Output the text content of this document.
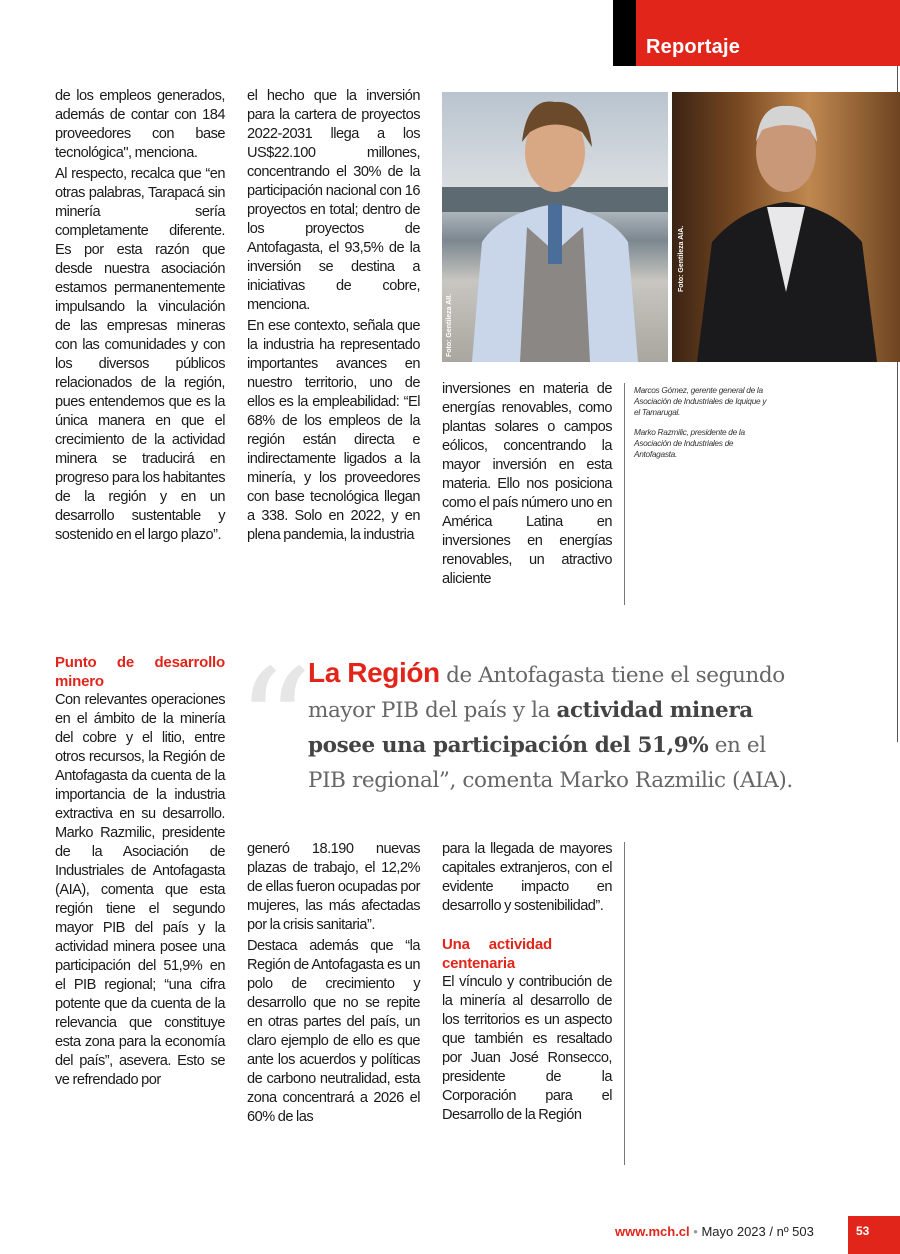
Reportaje

de los empleos generados, además de contar con 184 proveedores con base tecnológica", menciona.

Al respecto, recalca que “en otras palabras, Tarapacá sin minería sería completamente diferente. Es por esta razón que desde nuestra asociación estamos permanentemente impulsando la vinculación de las empresas mineras con las comunidades y con los diversos públicos relacionados de la región, pues entendemos que es la única manera en que el crecimiento de la actividad minera se traducirá en progreso para los habitantes de la región y en un desarrollo sustentable y sostenido en el largo plazo”.

el hecho que la inversión para la cartera de proyectos 2022-2031 llega a los US$22.100 millones, concentrando el 30% de la participación nacional con 16 proyectos en total; dentro de los proyectos de Antofagasta, el 93,5% de la inversión se destina a iniciativas de cobre, menciona.

En ese contexto, señala que la industria ha representado importantes avances en nuestro territorio, uno de ellos es la empleabilidad: “El 68% de los empleos de la región están directa e indirectamente ligados a la minería, y los proveedores con base tecnológica llegan a 338. Solo en 2022, y en plena pandemia, la industria

Foto: Gentileza AII.
Foto: Gentileza AIA.

inversiones en materia de energías renovables, como plantas solares o campos eólicos, concentrando la mayor inversión en esta materia. Ello nos posiciona como el país número uno en América Latina en inversiones en energías renovables, un atractivo aliciente

Marcos Gómez, gerente general de la Asociación de Industriales de Iquique y el Tamarugal.

Marko Razmilic, presidente de la Asociación de Industriales de Antofagasta.

“
La Región de Antofagasta tiene el segundo mayor PIB del país y la actividad minera posee una participación del 51,9% en el PIB regional”, comenta Marko Razmilic (AIA).
Punto de desarrollo minero

Con relevantes operaciones en el ámbito de la minería del cobre y el litio, entre otros recursos, la Región de Antofagasta da cuenta de la importancia de la industria extractiva en su desarrollo. Marko Razmilic, presidente de la Asociación de Industriales de Antofagasta (AIA), comenta que esta región tiene el segundo mayor PIB del país y la actividad minera posee una participación del 51,9% en el PIB regional; “una cifra potente que da cuenta de la relevancia que constituye esta zona para la economía del país”, asevera. Esto se ve refrendado por

generó 18.190 nuevas plazas de trabajo, el 12,2% de ellas fueron ocupadas por mujeres, las más afectadas por la crisis sanitaria”.

Destaca además que “la Región de Antofagasta es un polo de crecimiento y desarrollo que no se repite en otras partes del país, un claro ejemplo de ello es que ante los acuerdos y políticas de carbono neutralidad, esta zona concentrará a 2026 el 60% de las

para la llegada de mayores capitales extranjeros, con el evidente impacto en desarrollo y sostenibilidad”.

Una actividad centenaria

El vínculo y contribución de la minería al desarrollo de los territorios es un aspecto que también es resaltado por Juan José Ronsecco, presidente de la Corporación para el Desarrollo de la Región

www.mch.cl • Mayo 2023 / nº 503	53
